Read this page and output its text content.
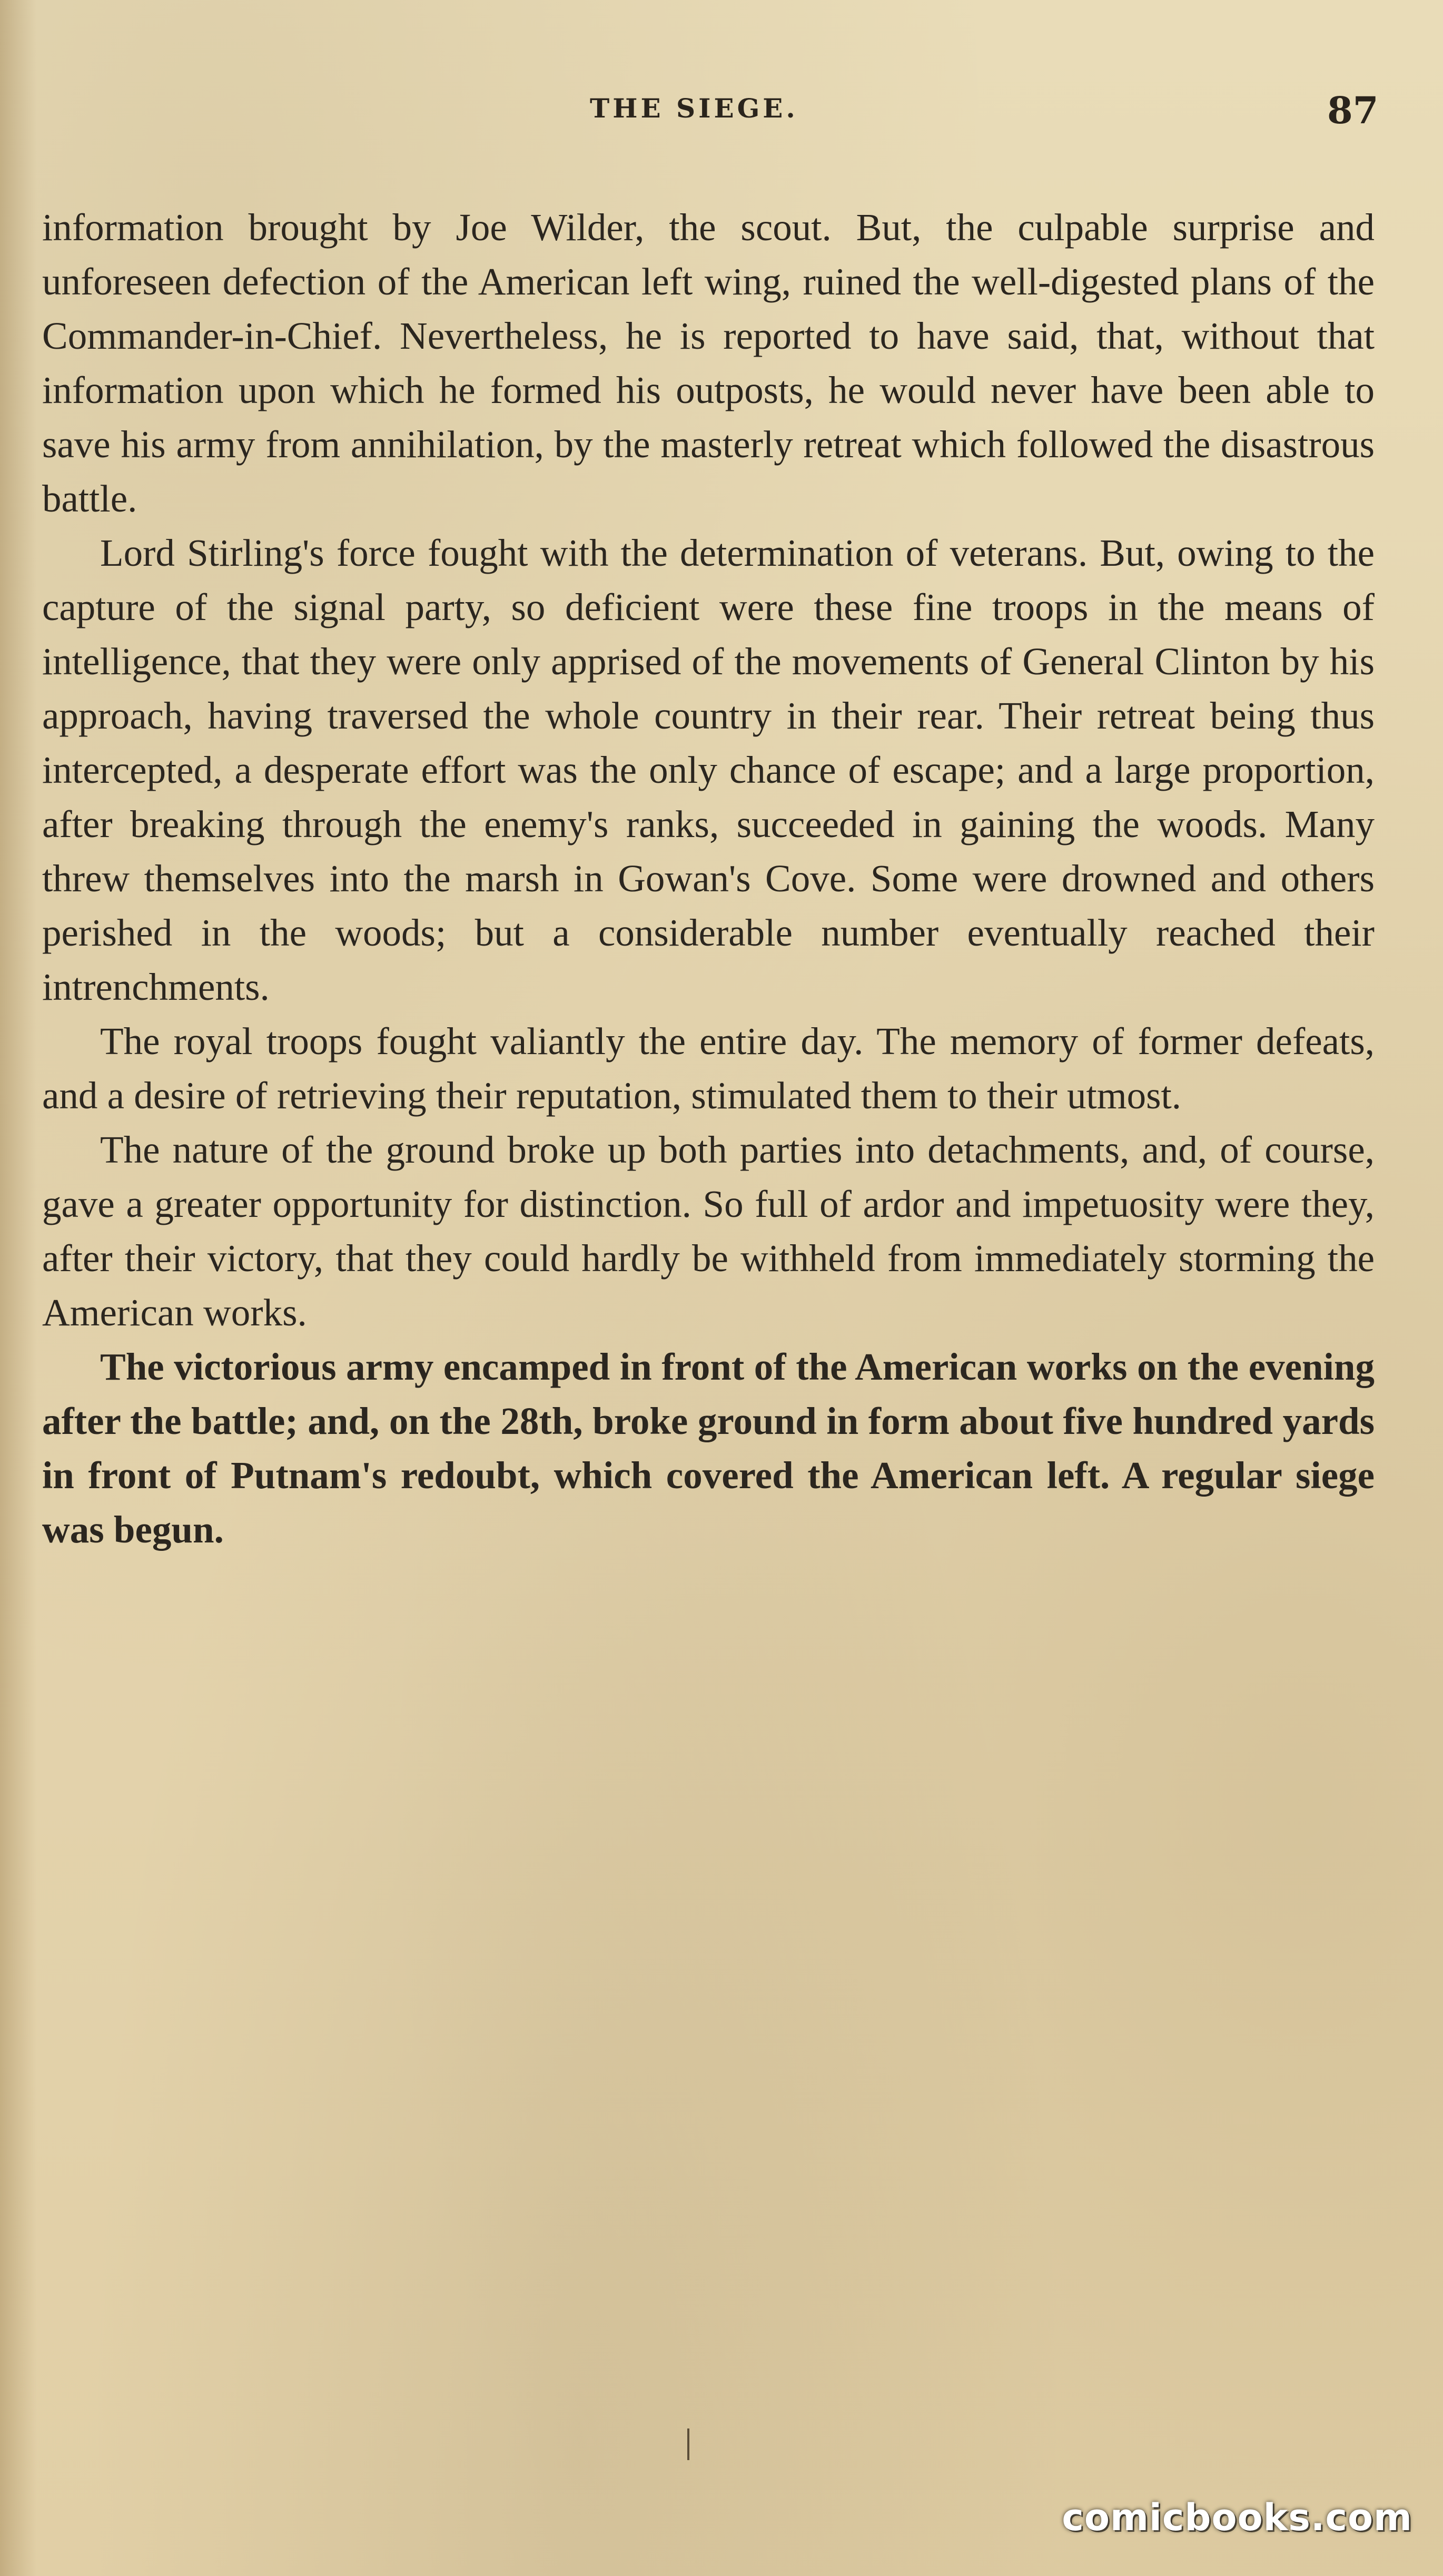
THE SIEGE.	87

information brought by Joe Wilder, the scout. But, the culpable surprise and unforeseen defection of the American left wing, ruined the well-digested plans of the Commander-in-Chief. Nevertheless, he is reported to have said, that, without that information upon which he formed his outposts, he would never have been able to save his army from annihilation, by the masterly retreat which followed the disastrous battle.

Lord Stirling's force fought with the determination of veterans. But, owing to the capture of the signal party, so deficient were these fine troops in the means of intelligence, that they were only apprised of the movements of General Clinton by his approach, having traversed the whole country in their rear. Their retreat being thus intercepted, a desperate effort was the only chance of escape; and a large proportion, after breaking through the enemy's ranks, succeeded in gaining the woods. Many threw themselves into the marsh in Gowan's Cove. Some were drowned and others perished in the woods; but a considerable number eventually reached their intrenchments.

The royal troops fought valiantly the entire day. The memory of former defeats, and a desire of retrieving their reputation, stimulated them to their utmost.

The nature of the ground broke up both parties into detachments, and, of course, gave a greater opportunity for distinction. So full of ardor and impetuosity were they, after their victory, that they could hardly be withheld from immediately storming the American works.

The victorious army encamped in front of the American works on the evening after the battle; and, on the 28th, broke ground in form about five hundred yards in front of Putnam's redoubt, which covered the American left. A regular siege was begun.

comicbooks.com
